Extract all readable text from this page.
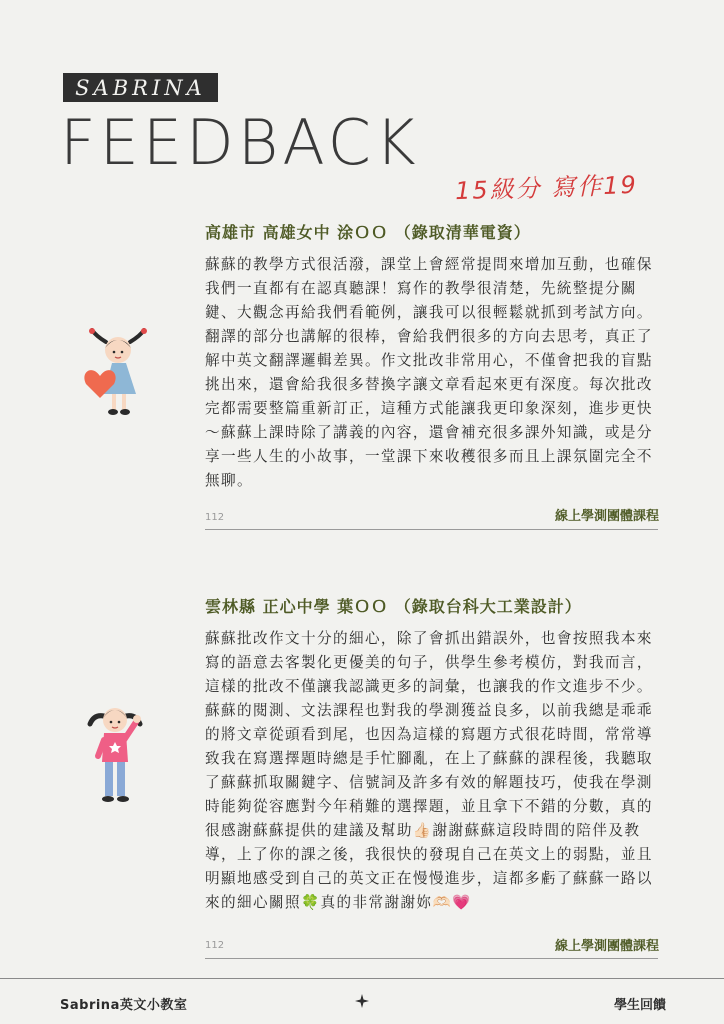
SABRINA
FEEDBACK
15級分 寫作19
高雄市 高雄女中 涂ＯＯ （錄取清華電資）
蘇蘇的教學方式很活潑，課堂上會經常提問來增加互動，也確保我們一直都有在認真聽課！寫作的教學很清楚，先統整提分關鍵、大觀念再給我們看範例，讓我可以很輕鬆就抓到考試方向。翻譯的部分也講解的很棒，會給我們很多的方向去思考，真正了解中英文翻譯邏輯差異。作文批改非常用心，不僅會把我的盲點挑出來，還會給我很多替換字讓文章看起來更有深度。每次批改完都需要整篇重新訂正，這種方式能讓我更印象深刻，進步更快～蘇蘇上課時除了講義的內容，還會補充很多課外知識，或是分享一些人生的小故事，一堂課下來收穫很多而且上課氛圍完全不無聊。
112	線上學測團體課程
雲林縣 正心中學 葉ＯＯ （錄取台科大工業設計）
蘇蘇批改作文十分的細心，除了會抓出錯誤外，也會按照我本來寫的語意去客製化更優美的句子，供學生參考模仿，對我而言，這樣的批改不僅讓我認識更多的詞彙，也讓我的作文進步不少。蘇蘇的閱測、文法課程也對我的學測獲益良多，以前我總是乖乖的將文章從頭看到尾，也因為這樣的寫題方式很花時間，常常導致我在寫選擇題時總是手忙腳亂，在上了蘇蘇的課程後，我聽取了蘇蘇抓取關鍵字、信號詞及許多有效的解題技巧，使我在學測時能夠從容應對今年稍難的選擇題，並且拿下不錯的分數，真的很感謝蘇蘇提供的建議及幫助👍🏻謝謝蘇蘇這段時間的陪伴及教導，上了你的課之後，我很快的發現自己在英文上的弱點，並且明顯地感受到自己的英文正在慢慢進步，這都多虧了蘇蘇一路以來的細心關照🍀真的非常謝謝妳🫶🏻💗
112	線上學測團體課程
Sabrina英文小教室	學生回饋
